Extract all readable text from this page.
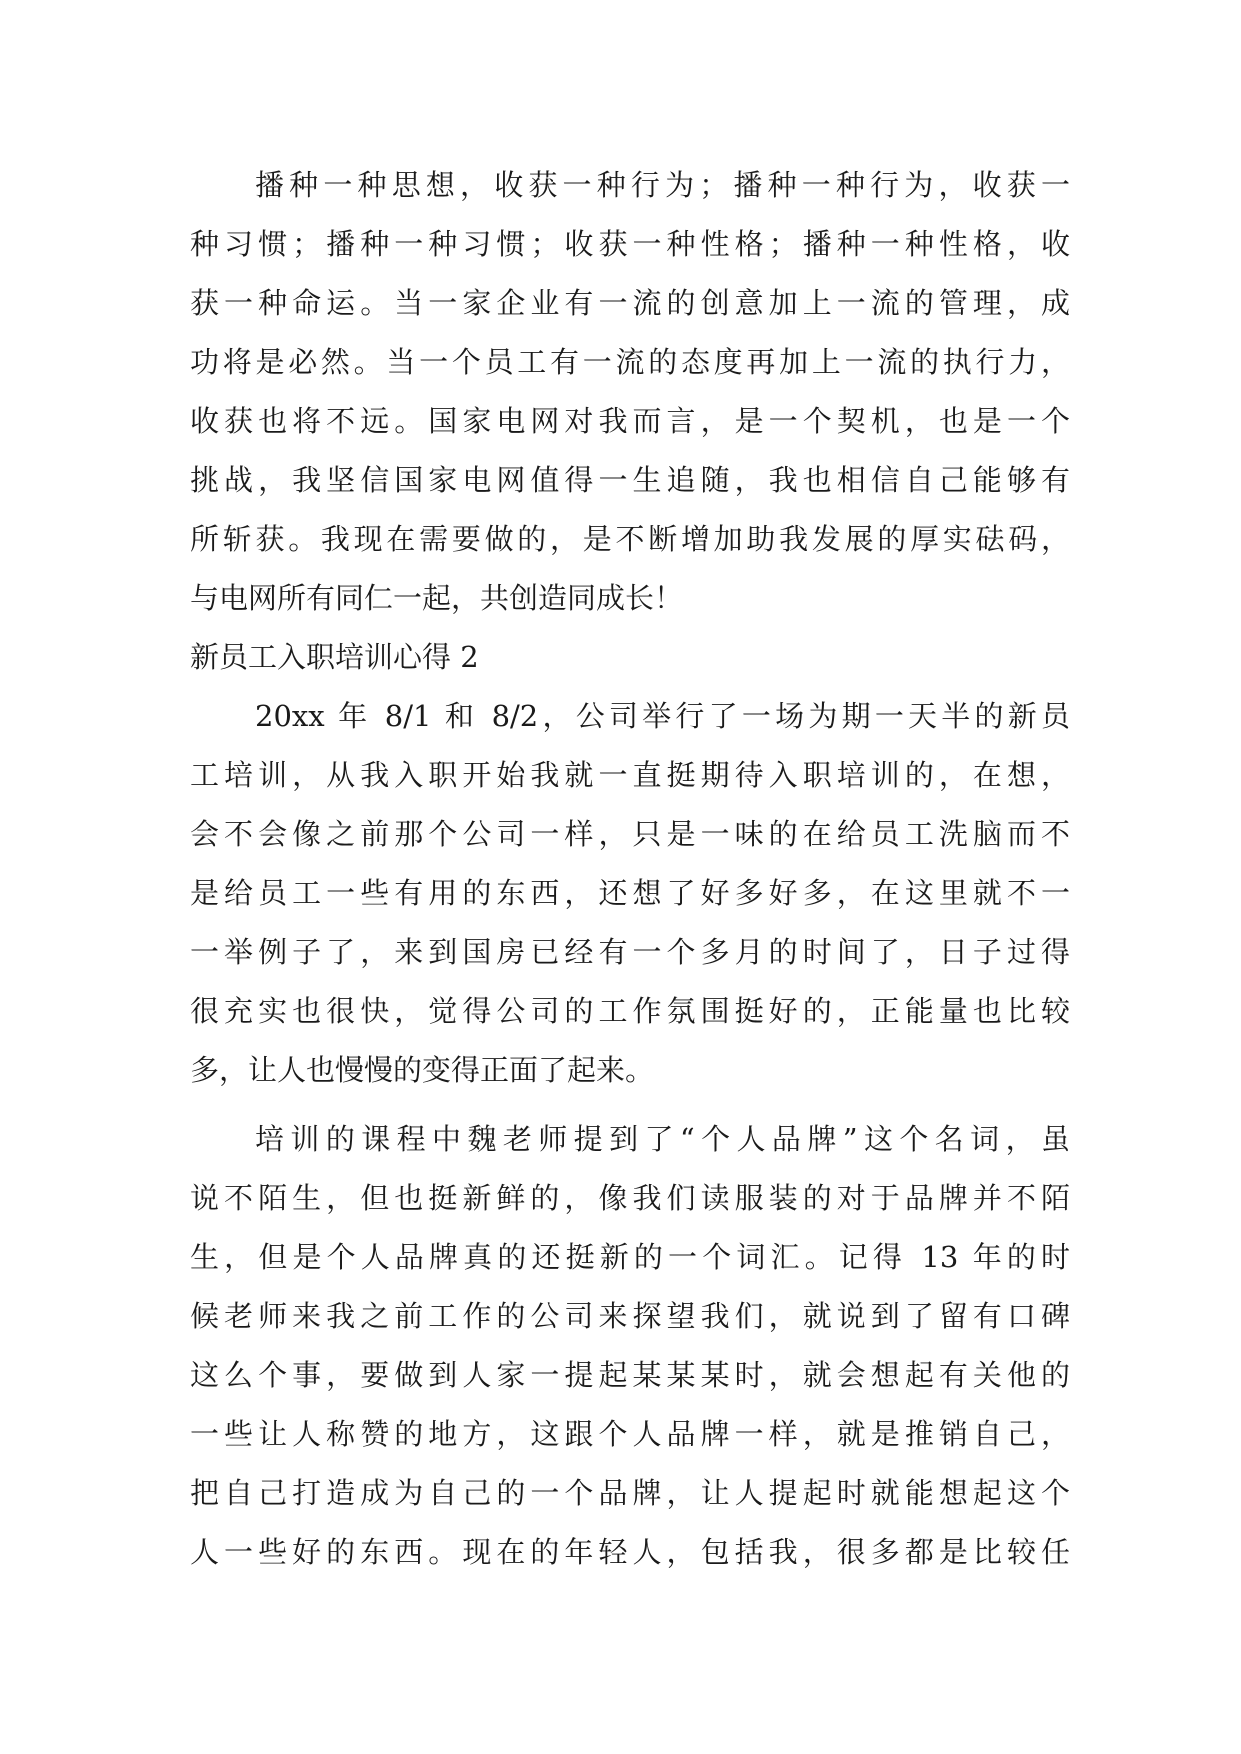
播种一种思想，收获一种行为；播种一种行为，收获一
种习惯；播种一种习惯；收获一种性格；播种一种性格，收
获一种命运。当一家企业有一流的创意加上一流的管理，成
功将是必然。当一个员工有一流的态度再加上一流的执行力，
收获也将不远。国家电网对我而言，是一个契机，也是一个
挑战，我坚信国家电网值得一生追随，我也相信自己能够有
所斩获。我现在需要做的，是不断增加助我发展的厚实砝码，
与电网所有同仁一起，共创造同成长！
新员工入职培训心得 2
20xx 年 8/1 和 8/2，公司举行了一场为期一天半的新员
工培训，从我入职开始我就一直挺期待入职培训的，在想，
会不会像之前那个公司一样，只是一味的在给员工洗脑而不
是给员工一些有用的东西，还想了好多好多，在这里就不一
一举例子了，来到国房已经有一个多月的时间了，日子过得
很充实也很快，觉得公司的工作氛围挺好的，正能量也比较
多，让人也慢慢的变得正面了起来。
培训的课程中魏老师提到了“个人品牌”这个名词，虽
说不陌生，但也挺新鲜的，像我们读服装的对于品牌并不陌
生，但是个人品牌真的还挺新的一个词汇。记得 13 年的时
候老师来我之前工作的公司来探望我们，就说到了留有口碑
这么个事，要做到人家一提起某某某时，就会想起有关他的
一些让人称赞的地方，这跟个人品牌一样，就是推销自己，
把自己打造成为自己的一个品牌，让人提起时就能想起这个
人一些好的东西。现在的年轻人，包括我，很多都是比较任
